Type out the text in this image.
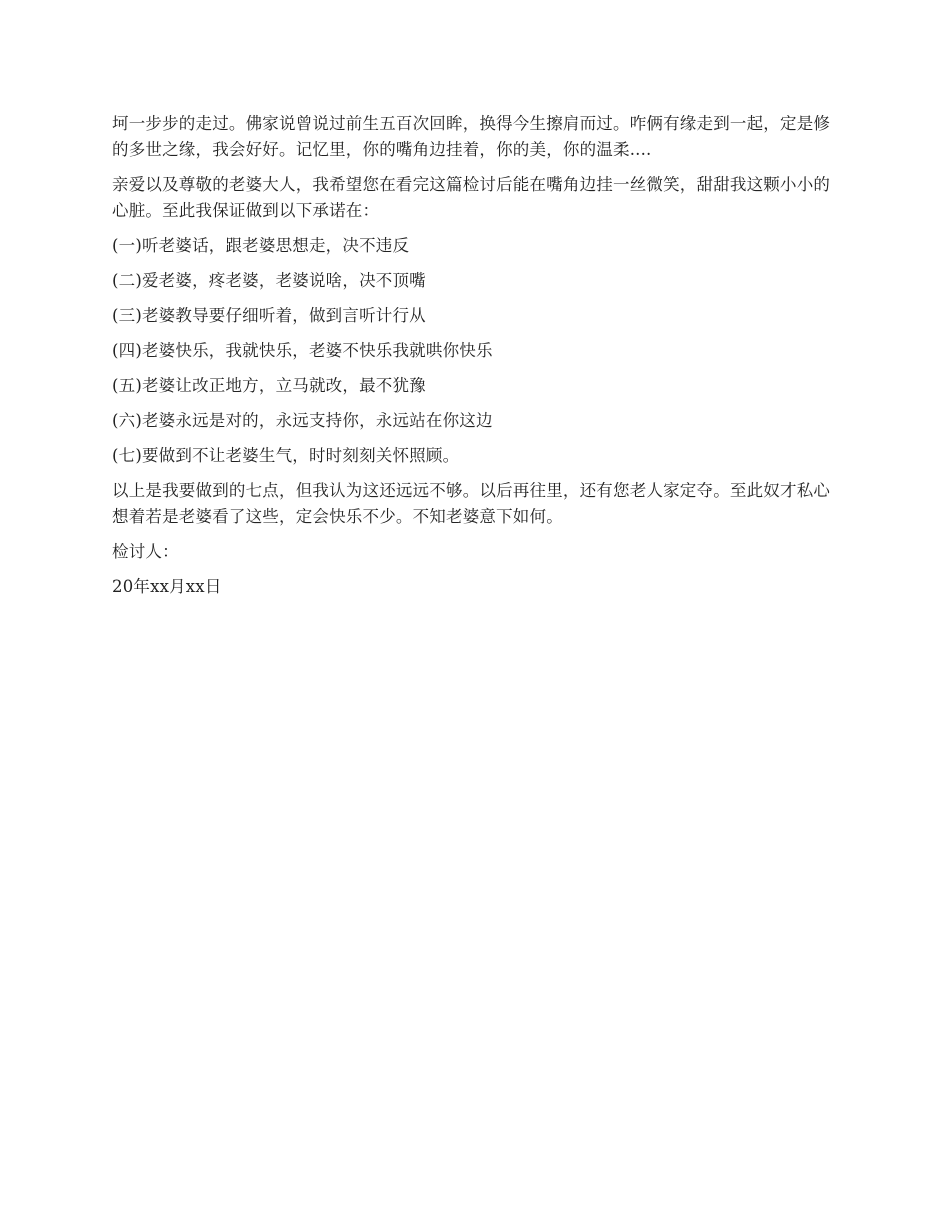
坷一步步的走过。佛家说曾说过前生五百次回眸，换得今生擦肩而过。咋俩有缘走到一起，定是修的多世之缘，我会好好。记忆里，你的嘴角边挂着，你的美，你的温柔....

亲爱以及尊敬的老婆大人，我希望您在看完这篇检讨后能在嘴角边挂一丝微笑，甜甜我这颗小小的心脏。至此我保证做到以下承诺在：

(一)听老婆话，跟老婆思想走，决不违反

(二)爱老婆，疼老婆，老婆说啥，决不顶嘴

(三)老婆教导要仔细听着，做到言听计行从

(四)老婆快乐，我就快乐，老婆不快乐我就哄你快乐

(五)老婆让改正地方，立马就改，最不犹豫

(六)老婆永远是对的，永远支持你，永远站在你这边

(七)要做到不让老婆生气，时时刻刻关怀照顾。

以上是我要做到的七点，但我认为这还远远不够。以后再往里，还有您老人家定夺。至此奴才私心想着若是老婆看了这些，定会快乐不少。不知老婆意下如何。

检讨人：

20年xx月xx日
